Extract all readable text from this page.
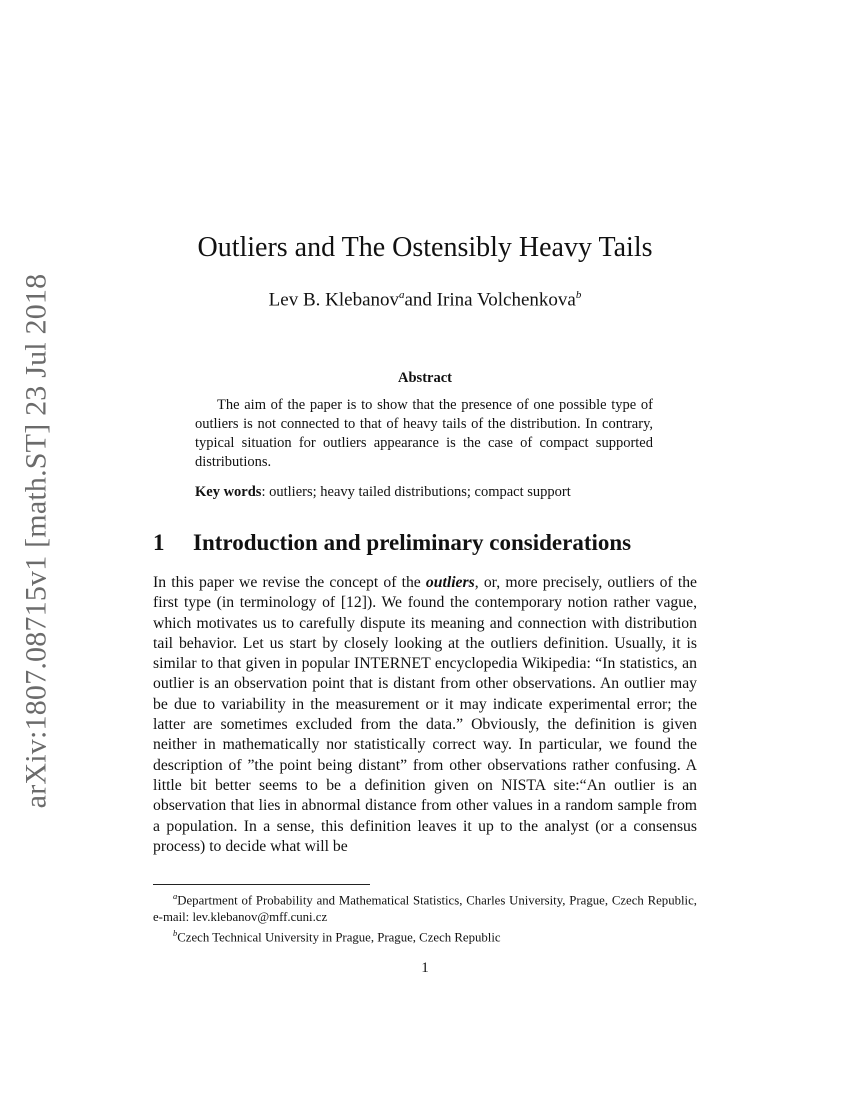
arXiv:1807.08715v1 [math.ST] 23 Jul 2018
Outliers and The Ostensibly Heavy Tails
Lev B. Klebanov$^a$and Irina Volchenkova$^b$
Abstract

The aim of the paper is to show that the presence of one possible type of outliers is not connected to that of heavy tails of the distribution. In contrary, typical situation for outliers appearance is the case of compact supported distributions.

Key words: outliers; heavy tailed distributions; compact support
1 Introduction and preliminary considerations

In this paper we revise the concept of the outliers, or, more precisely, outliers of the first type (in terminology of [12]). We found the contemporary notion rather vague, which motivates us to carefully dispute its meaning and connection with distribution tail behavior. Let us start by closely looking at the outliers definition. Usually, it is similar to that given in popular INTERNET encyclopedia Wikipedia: “In statistics, an outlier is an observation point that is distant from other observations. An outlier may be due to variability in the measurement or it may indicate experimental error; the latter are sometimes excluded from the data.” Obviously, the definition is given neither in mathematically nor statistically correct way. In particular, we found the description of ”the point being distant” from other observations rather confusing. A little bit better seems to be a definition given on NISTA site:“An outlier is an observation that lies in abnormal distance from other values in a random sample from a population. In a sense, this definition leaves it up to the analyst (or a consensus process) to decide what will be

$^a$Department of Probability and Mathematical Statistics, Charles University, Prague, Czech Republic, e-mail: lev.klebanov@mff.cuni.cz

$^b$Czech Technical University in Prague, Prague, Czech Republic

1
